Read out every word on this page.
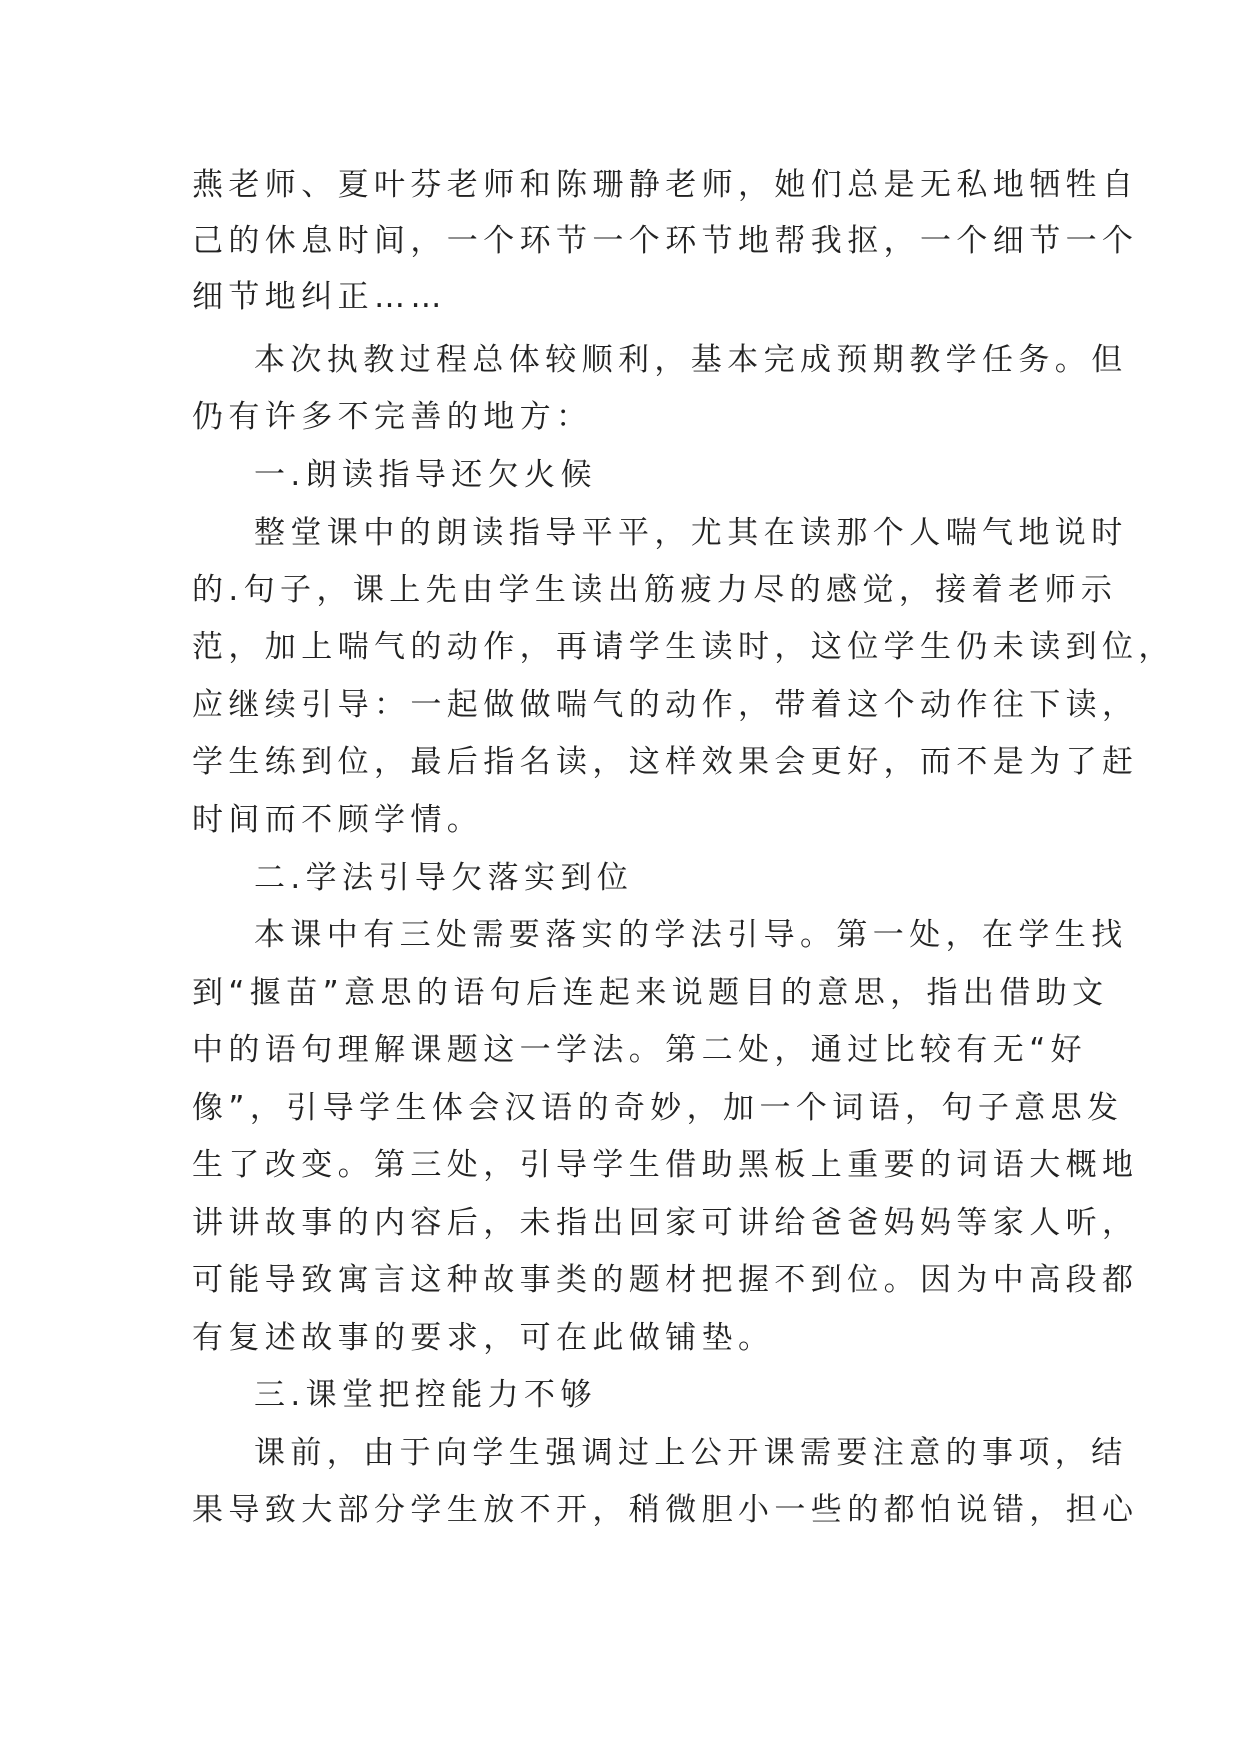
燕老师、夏叶芬老师和陈珊静老师，她们总是无私地牺牲自
己的休息时间，一个环节一个环节地帮我抠，一个细节一个
细节地纠正……
本次执教过程总体较顺利，基本完成预期教学任务。但
仍有许多不完善的地方：
一.朗读指导还欠火候
整堂课中的朗读指导平平，尤其在读那个人喘气地说时
的.句子，课上先由学生读出筋疲力尽的感觉，接着老师示
范，加上喘气的动作，再请学生读时，这位学生仍未读到位，
应继续引导：一起做做喘气的动作，带着这个动作往下读，
学生练到位，最后指名读，这样效果会更好，而不是为了赶
时间而不顾学情。
二.学法引导欠落实到位
本课中有三处需要落实的学法引导。第一处，在学生找
到“揠苗”意思的语句后连起来说题目的意思，指出借助文
中的语句理解课题这一学法。第二处，通过比较有无“好
像”，引导学生体会汉语的奇妙，加一个词语，句子意思发
生了改变。第三处，引导学生借助黑板上重要的词语大概地
讲讲故事的内容后，未指出回家可讲给爸爸妈妈等家人听，
可能导致寓言这种故事类的题材把握不到位。因为中高段都
有复述故事的要求，可在此做铺垫。
三.课堂把控能力不够
课前，由于向学生强调过上公开课需要注意的事项，结
果导致大部分学生放不开，稍微胆小一些的都怕说错，担心
